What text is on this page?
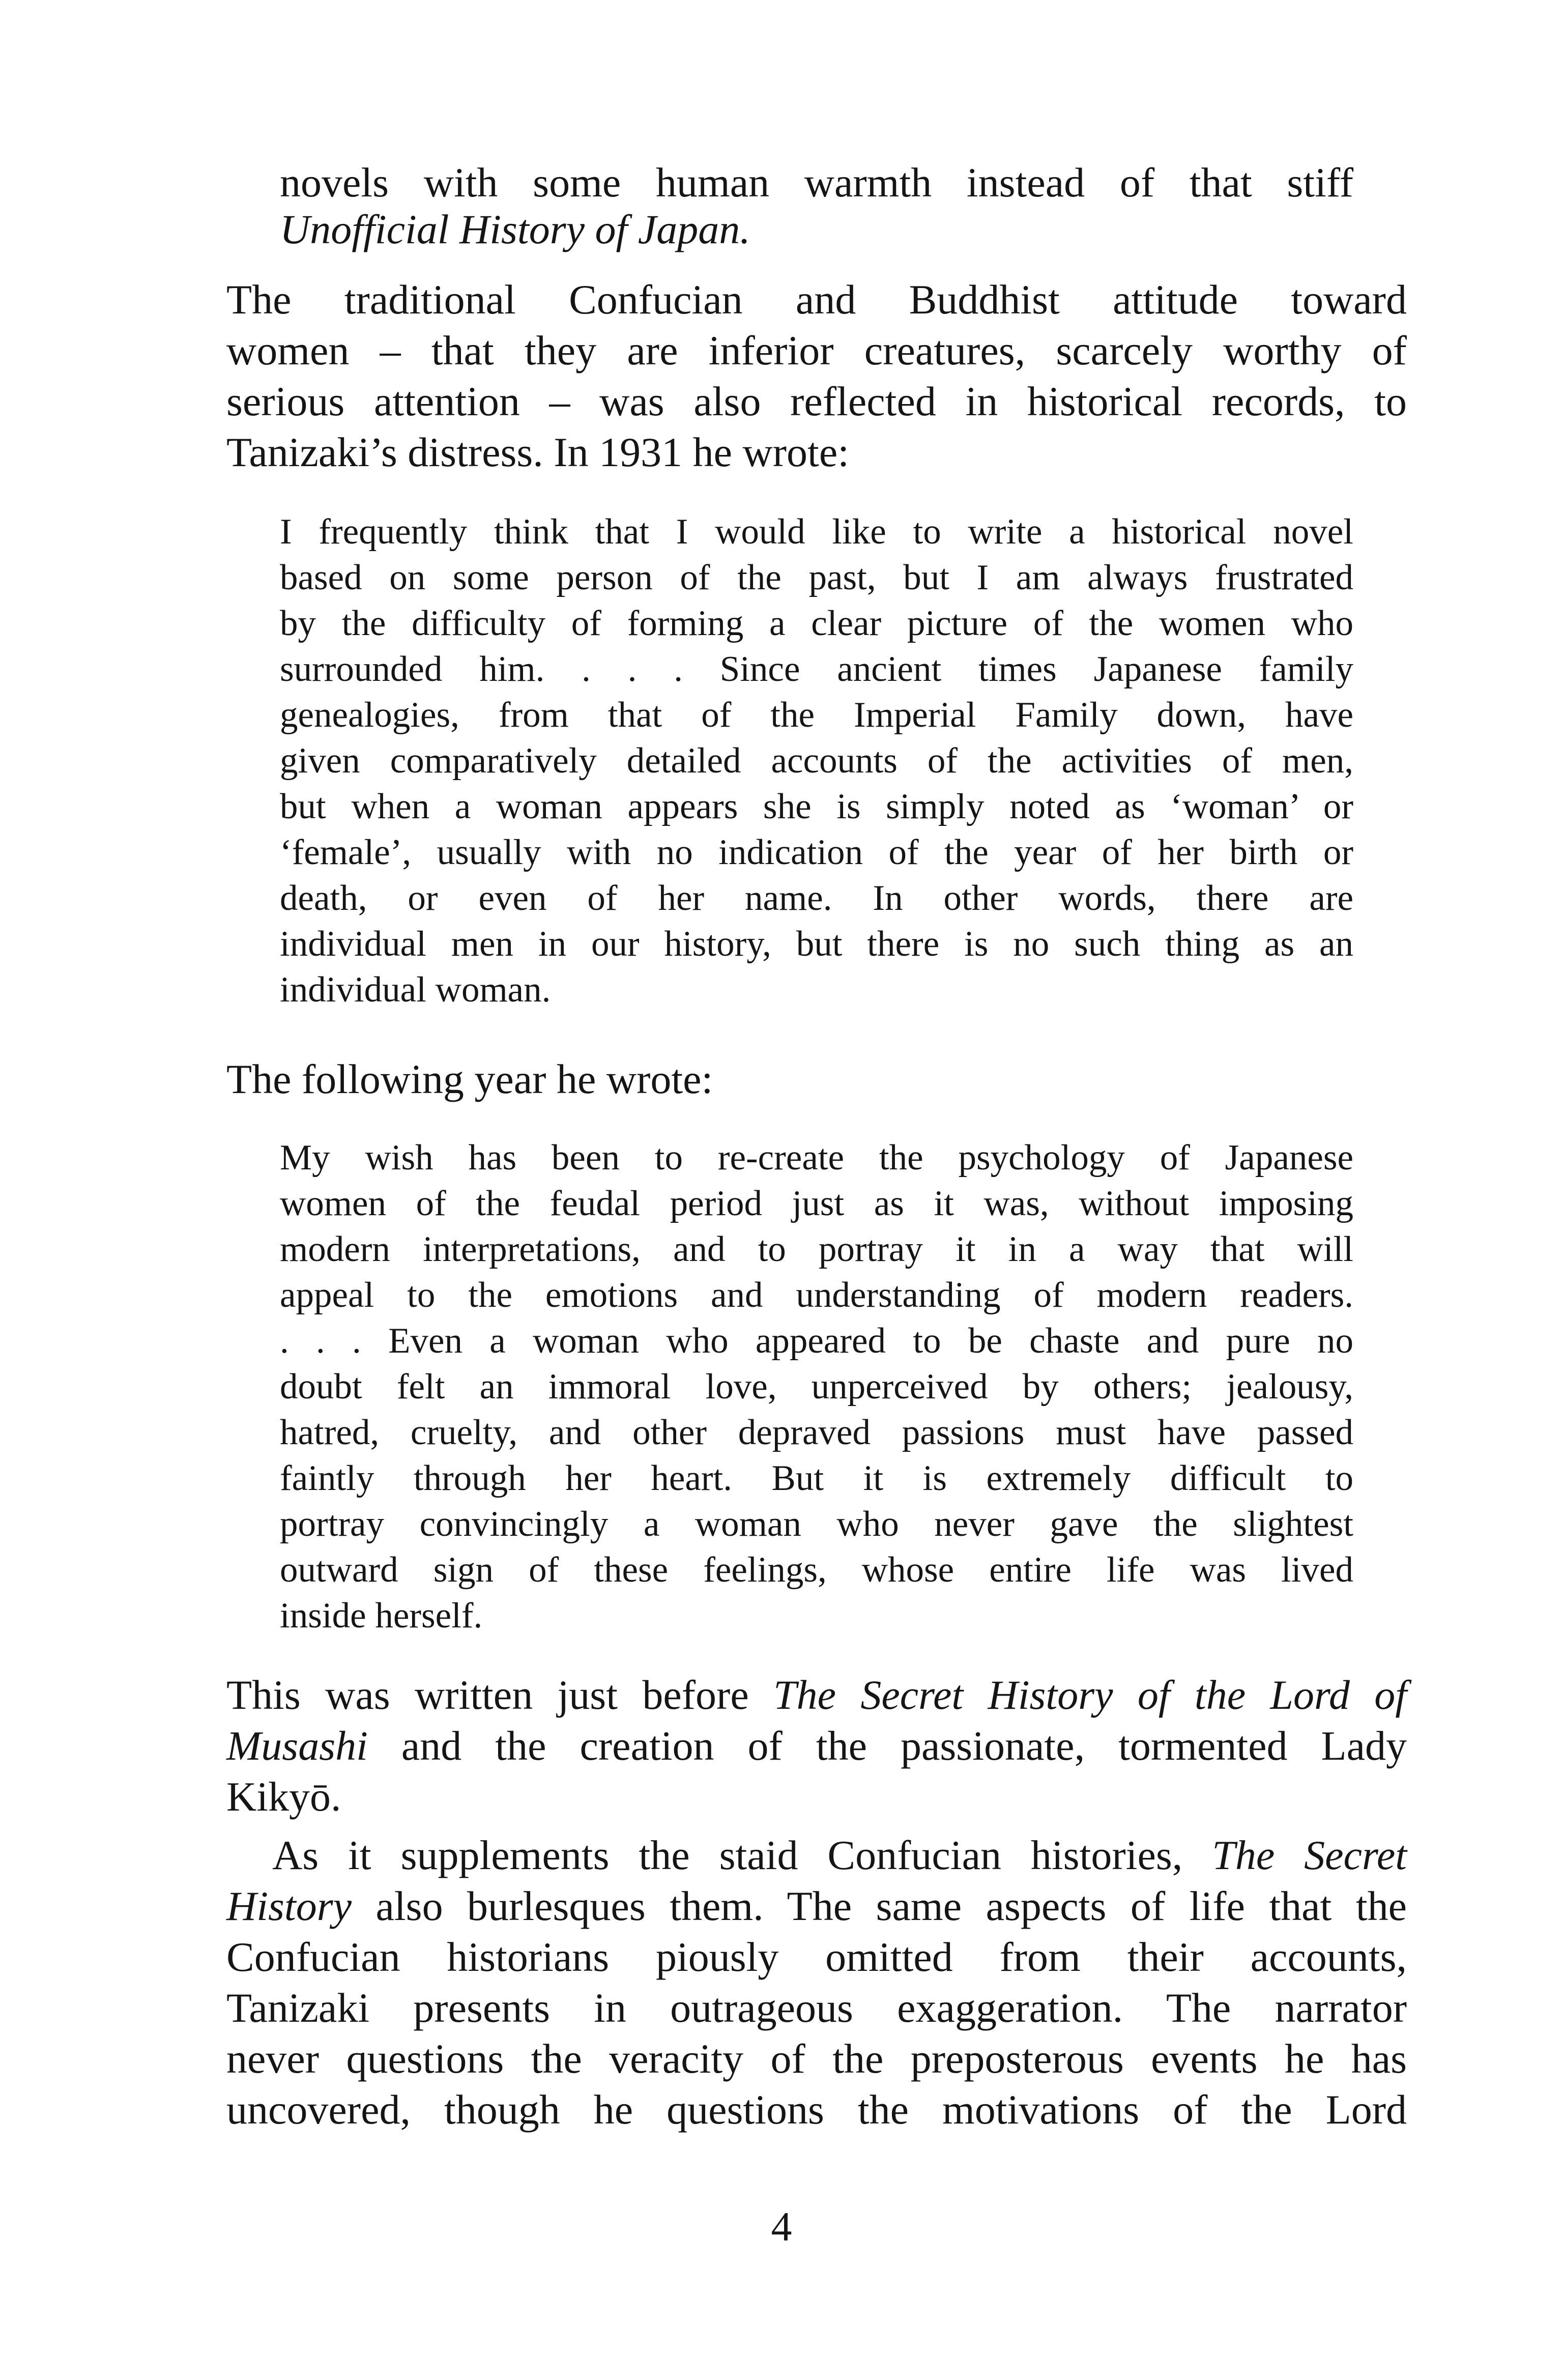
novels with some human warmth instead of that stiff

Unofficial History of Japan.

The traditional Confucian and Buddhist attitude toward

women – that they are inferior creatures, scarcely worthy of

serious attention – was also reflected in historical records, to

Tanizaki’s distress. In 1931 he wrote:

I frequently think that I would like to write a historical novel

based on some person of the past, but I am always frustrated

by the difficulty of forming a clear picture of the women who

surrounded him. . . . Since ancient times Japanese family

genealogies, from that of the Imperial Family down, have

given comparatively detailed accounts of the activities of men,

but when a woman appears she is simply noted as ‘woman’ or

‘female’, usually with no indication of the year of her birth or

death, or even of her name. In other words, there are

individual men in our history, but there is no such thing as an

individual woman.

The following year he wrote:

My wish has been to re-create the psychology of Japanese

women of the feudal period just as it was, without imposing

modern interpretations, and to portray it in a way that will

appeal to the emotions and understanding of modern readers.

. . . Even a woman who appeared to be chaste and pure no

doubt felt an immoral love, unperceived by others; jealousy,

hatred, cruelty, and other depraved passions must have passed

faintly through her heart. But it is extremely difficult to

portray convincingly a woman who never gave the slightest

outward sign of these feelings, whose entire life was lived

inside herself.

This was written just before The Secret History of the Lord of

Musashi and the creation of the passionate, tormented Lady

Kikyō.

As it supplements the staid Confucian histories, The Secret

History also burlesques them. The same aspects of life that the

Confucian historians piously omitted from their accounts,

Tanizaki presents in outrageous exaggeration. The narrator

never questions the veracity of the preposterous events he has

uncovered, though he questions the motivations of the Lord

4
